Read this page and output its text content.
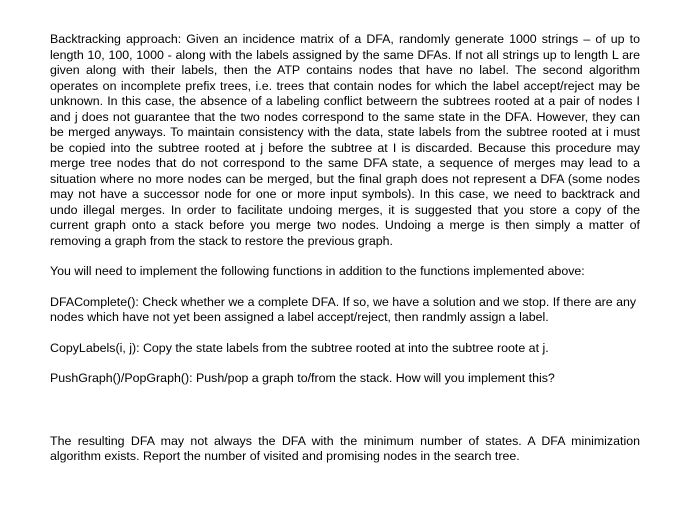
Backtracking approach: Given an incidence matrix of a DFA, randomly generate 1000 strings – of up to length 10, 100, 1000 - along with the labels assigned by the same DFAs. If not all strings up to length L are given along with their labels, then the ATP contains nodes that have no label. The second algorithm operates on incomplete prefix trees, i.e. trees that contain nodes for which the label accept/reject may be unknown. In this case, the absence of a labeling conflict betweern the subtrees rooted at a pair of nodes I and j does not guarantee that the two nodes correspond to the same state in the DFA. However, they can be merged anyways. To maintain consistency with the data, state labels from the subtree rooted at i must be copied into the subtree rooted at j before the subtree at I is discarded. Because this procedure may merge tree nodes that do not correspond to the same DFA state, a sequence of merges may lead to a situation where no more nodes can be merged, but the final graph does not represent a DFA (some nodes may not have a successor node for one or more input symbols). In this case, we need to backtrack and undo illegal merges. In order to facilitate undoing merges, it is suggested that you store a copy of the current graph onto a stack before you merge two nodes. Undoing a merge is then simply a matter of removing a graph from the stack to restore the previous graph.

You will need to implement the following functions in addition to the functions implemented above:

DFAComplete(): Check whether we a complete DFA. If so, we have a solution and we stop. If there are any nodes which have not yet been assigned a label accept/reject, then randmly assign a label.

CopyLabels(i, j): Copy the state labels from the subtree rooted at into the subtree roote at j.

PushGraph()/PopGraph(): Push/pop a graph to/from the stack. How will you implement this?

The resulting DFA may not always the DFA with the minimum number of states. A DFA minimization algorithm exists. Report the number of visited and promising nodes in the search tree.
